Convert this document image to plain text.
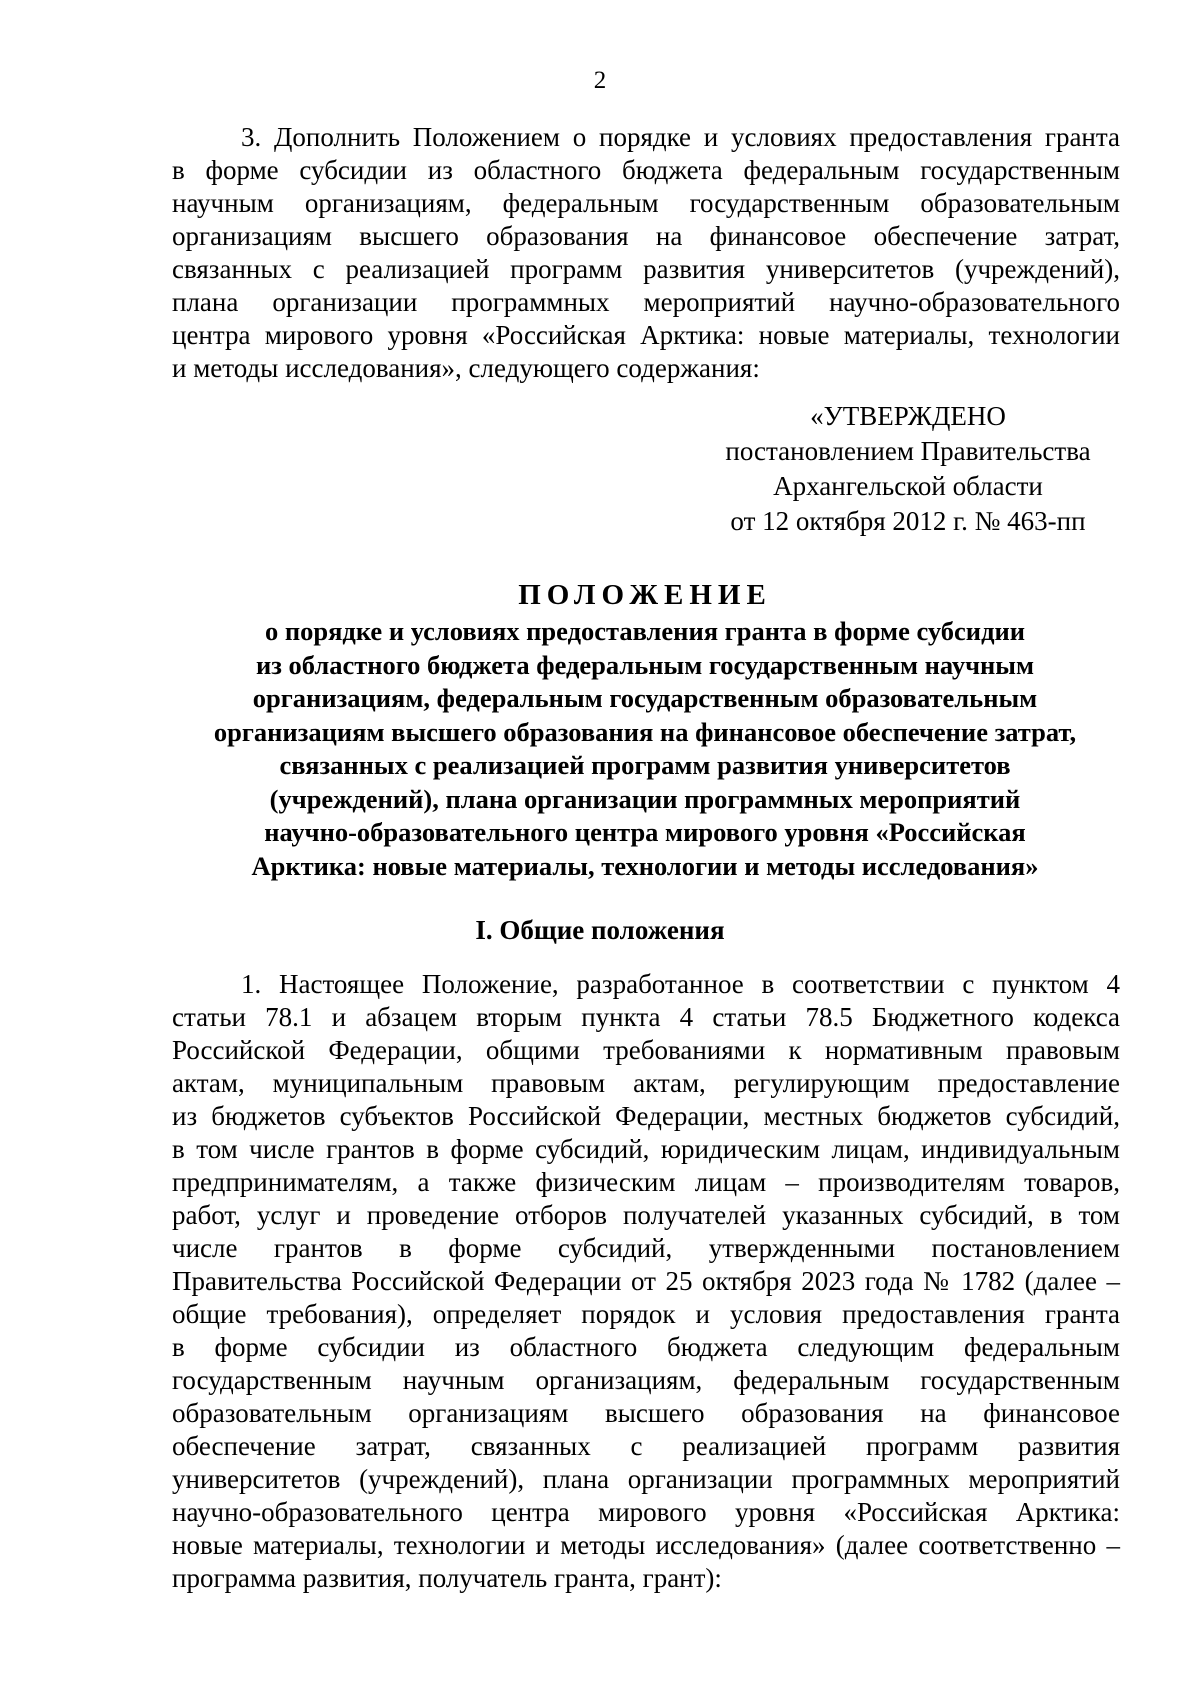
2

3. Дополнить Положением о порядке и условиях предоставления гранта
в форме субсидии из областного бюджета федеральным государственным
научным организациям, федеральным государственным образовательным
организациям высшего образования на финансовое обеспечение затрат,
связанных с реализацией программ развития университетов (учреждений),
плана организации программных мероприятий научно-образовательного
центра мирового уровня «Российская Арктика: новые материалы, технологии
и методы исследования», следующего содержания:
«УТВЕРЖДЕНО
постановлением Правительства
Архангельской области
от 12 октября 2012 г. № 463-пп
ПОЛОЖЕНИЕ
о порядке и условиях предоставления гранта в форме субсидии
из областного бюджета федеральным государственным научным
организациям, федеральным государственным образовательным
организациям высшего образования на финансовое обеспечение затрат,
связанных с реализацией программ развития университетов
(учреждений), плана организации программных мероприятий
научно-образовательного центра мирового уровня «Российская
Арктика: новые материалы, технологии и методы исследования»

I. Общие положения

1. Настоящее Положение, разработанное в соответствии с пунктом 4
статьи 78.1 и абзацем вторым пункта 4 статьи 78.5 Бюджетного кодекса
Российской Федерации, общими требованиями к нормативным правовым
актам, муниципальным правовым актам, регулирующим предоставление
из бюджетов субъектов Российской Федерации, местных бюджетов субсидий,
в том числе грантов в форме субсидий, юридическим лицам, индивидуальным
предпринимателям, а также физическим лицам – производителям товаров,
работ, услуг и проведение отборов получателей указанных субсидий, в том
числе грантов в форме субсидий, утвержденными постановлением
Правительства Российской Федерации от 25 октября 2023 года № 1782 (далее –
общие требования), определяет порядок и условия предоставления гранта
в форме субсидии из областного бюджета следующим федеральным
государственным научным организациям, федеральным государственным
образовательным организациям высшего образования на финансовое
обеспечение затрат, связанных с реализацией программ развития
университетов (учреждений), плана организации программных мероприятий
научно-образовательного центра мирового уровня «Российская Арктика:
новые материалы, технологии и методы исследования» (далее соответственно –
программа развития, получатель гранта, грант):
